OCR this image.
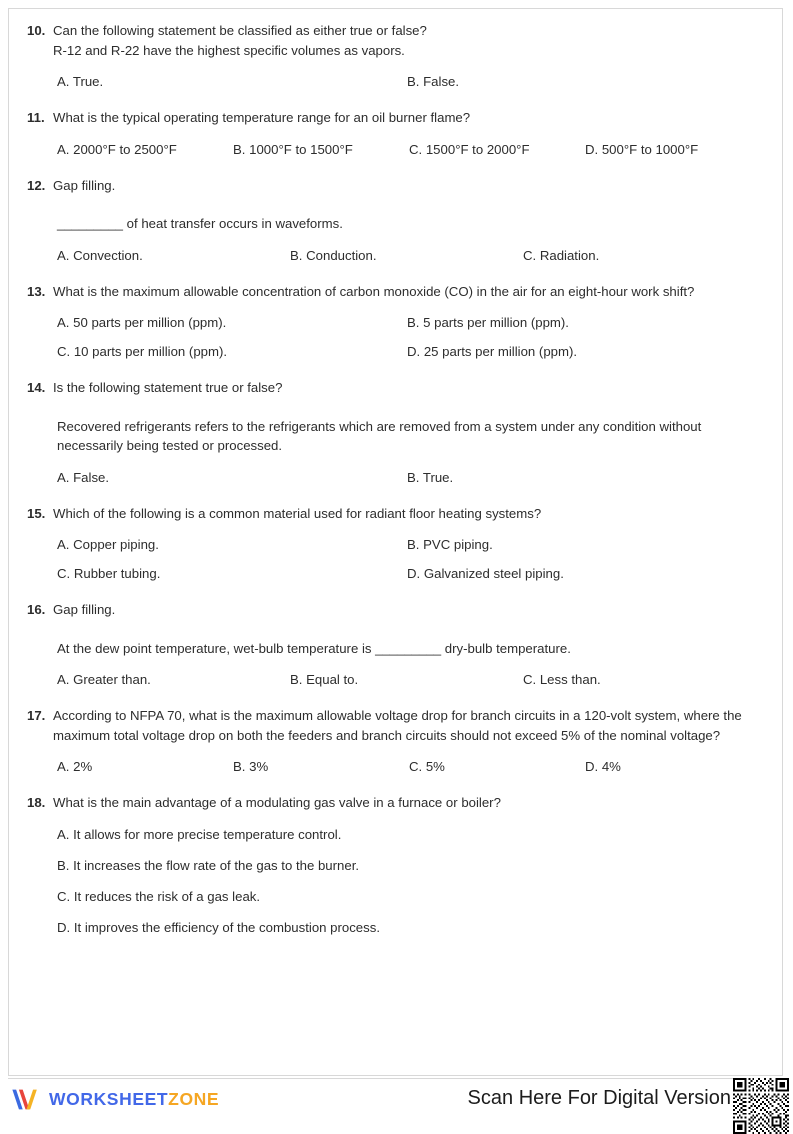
10. Can the following statement be classified as either true or false?
R-12 and R-22 have the highest specific volumes as vapors.
A. True.	B. False.
11. What is the typical operating temperature range for an oil burner flame?
A. 2000°F to 2500°F	B. 1000°F to 1500°F	C. 1500°F to 2000°F	D. 500°F to 1000°F
12. Gap filling.
_________ of heat transfer occurs in waveforms.
A. Convection.	B. Conduction.	C. Radiation.
13. What is the maximum allowable concentration of carbon monoxide (CO) in the air for an eight-hour work shift?
A. 50 parts per million (ppm).	B. 5 parts per million (ppm).
C. 10 parts per million (ppm).	D. 25 parts per million (ppm).
14. Is the following statement true or false?
Recovered refrigerants refers to the refrigerants which are removed from a system under any condition without necessarily being tested or processed.
A. False.	B. True.
15. Which of the following is a common material used for radiant floor heating systems?
A. Copper piping.	B. PVC piping.
C. Rubber tubing.	D. Galvanized steel piping.
16. Gap filling.
At the dew point temperature, wet-bulb temperature is _________ dry-bulb temperature.
A. Greater than.	B. Equal to.	C. Less than.
17. According to NFPA 70, what is the maximum allowable voltage drop for branch circuits in a 120-volt system, where the maximum total voltage drop on both the feeders and branch circuits should not exceed 5% of the nominal voltage?
A. 2%	B. 3%	C. 5%	D. 4%
18. What is the main advantage of a modulating gas valve in a furnace or boiler?
A. It allows for more precise temperature control.
B. It increases the flow rate of the gas to the burner.
C. It reduces the risk of a gas leak.
D. It improves the efficiency of the combustion process.
WORKSHEETZONE	Scan Here For Digital Version
